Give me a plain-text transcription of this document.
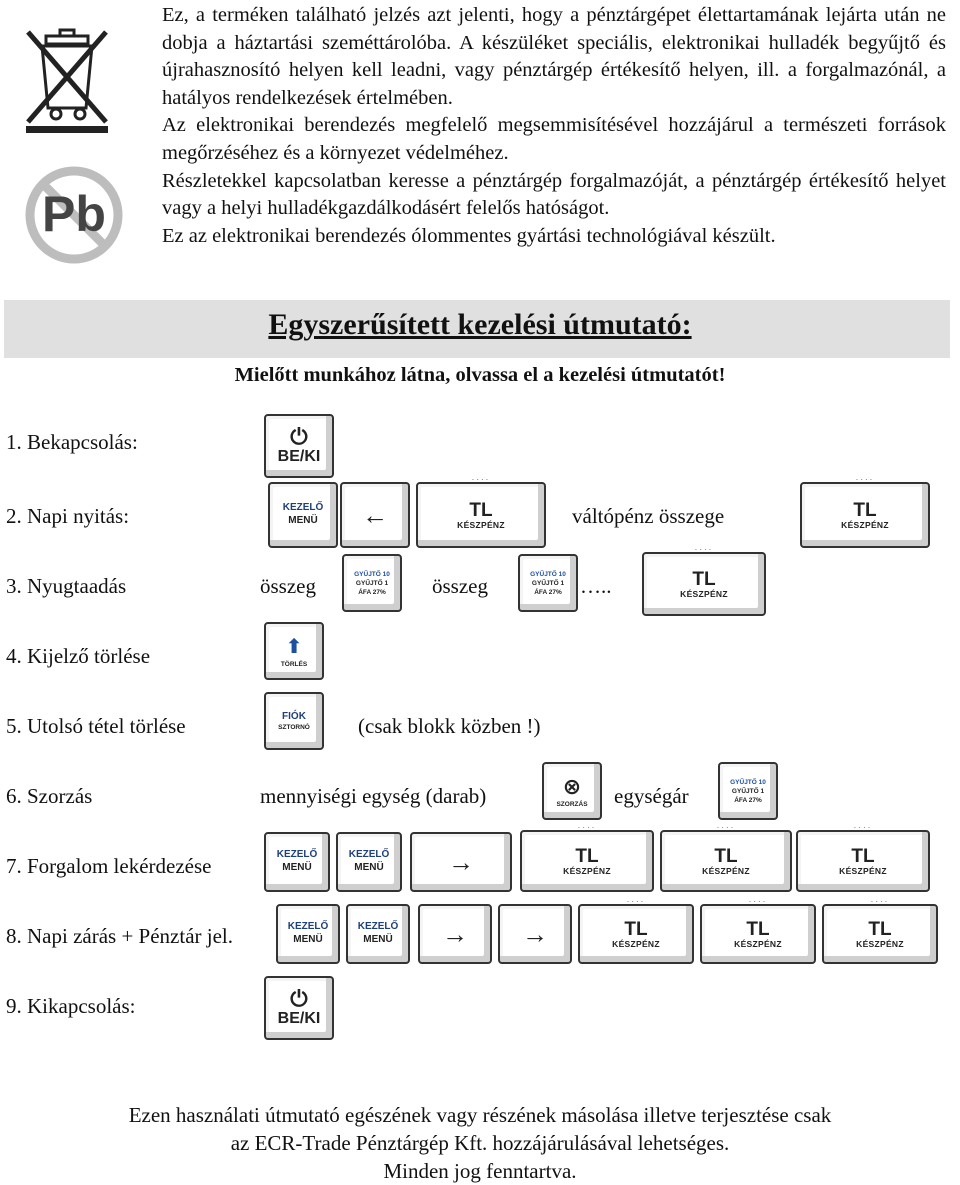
Pb

Ez, a terméken található jelzés azt jelenti, hogy a pénztárgépet élettartamának lejárta után ne dobja a háztartási szeméttárolóba. A készüléket speciális, elektronikai hulladék begyűjtő és újrahasznosító helyen kell leadni, vagy pénztárgép értékesítő helyen, ill. a forgalmazónál, a hatályos rendelkezések értelmében.

Az elektronikai berendezés megfelelő megsemmisítésével hozzájárul a természeti források megőrzéséhez és a környezet védelméhez.

Részletekkel kapcsolatban keresse a pénztárgép forgalmazóját, a pénztárgép értékesítő helyet vagy a helyi hulladékgazdálkodásért felelős hatóságot.

Ez az elektronikai berendezés ólommentes gyártási technológiával készült.

Egyszerűsített kezelési útmutató:
Mielőtt munkához látna, olvassa el a kezelési útmutatót!
1. Bekapcsolás:	⏻
BE/KI
2. Napi nyitás:	KEZELŐ
MENÜ ←
····
TL
KÉSZPÉNZ	váltópénz összege
····
TL
KÉSZPÉNZ
3. Nyugtaadás	összeg	GYŰJTŐ 10
GYŰJTŐ 1
ÁFA 27% összeg	GYŰJTŐ 10
GYŰJTŐ 1
ÁFA 27% …..
····
TL
KÉSZPÉNZ
4. Kijelző törlése	⬆
TÖRLÉS
5. Utolsó tétel törlése	FIÓK
SZTORNÓ (csak blokk közben !)
6. Szorzás	mennyiségi egység (darab)	⊗
SZORZÁS egységár
GYŰJTŐ 10
GYŰJTŐ 1
ÁFA 27%
7. Forgalom lekérdezése	KEZELŐ
MENÜ
KEZELŐ
MENÜ →
····
TL
KÉSZPÉNZ
····
TL
KÉSZPÉNZ
····
TL
KÉSZPÉNZ
8. Napi zárás + Pénztár jel.	KEZELŐ
MENÜ
KEZELŐ
MENÜ → →
····
TL
KÉSZPÉNZ
····
TL
KÉSZPÉNZ
····
TL
KÉSZPÉNZ
9. Kikapcsolás:	⏻
BE/KI
Ezen használati útmutató egészének vagy részének másolása illetve terjesztése csak
az ECR-Trade Pénztárgép Kft. hozzájárulásával lehetséges.
Minden jog fenntartva.
